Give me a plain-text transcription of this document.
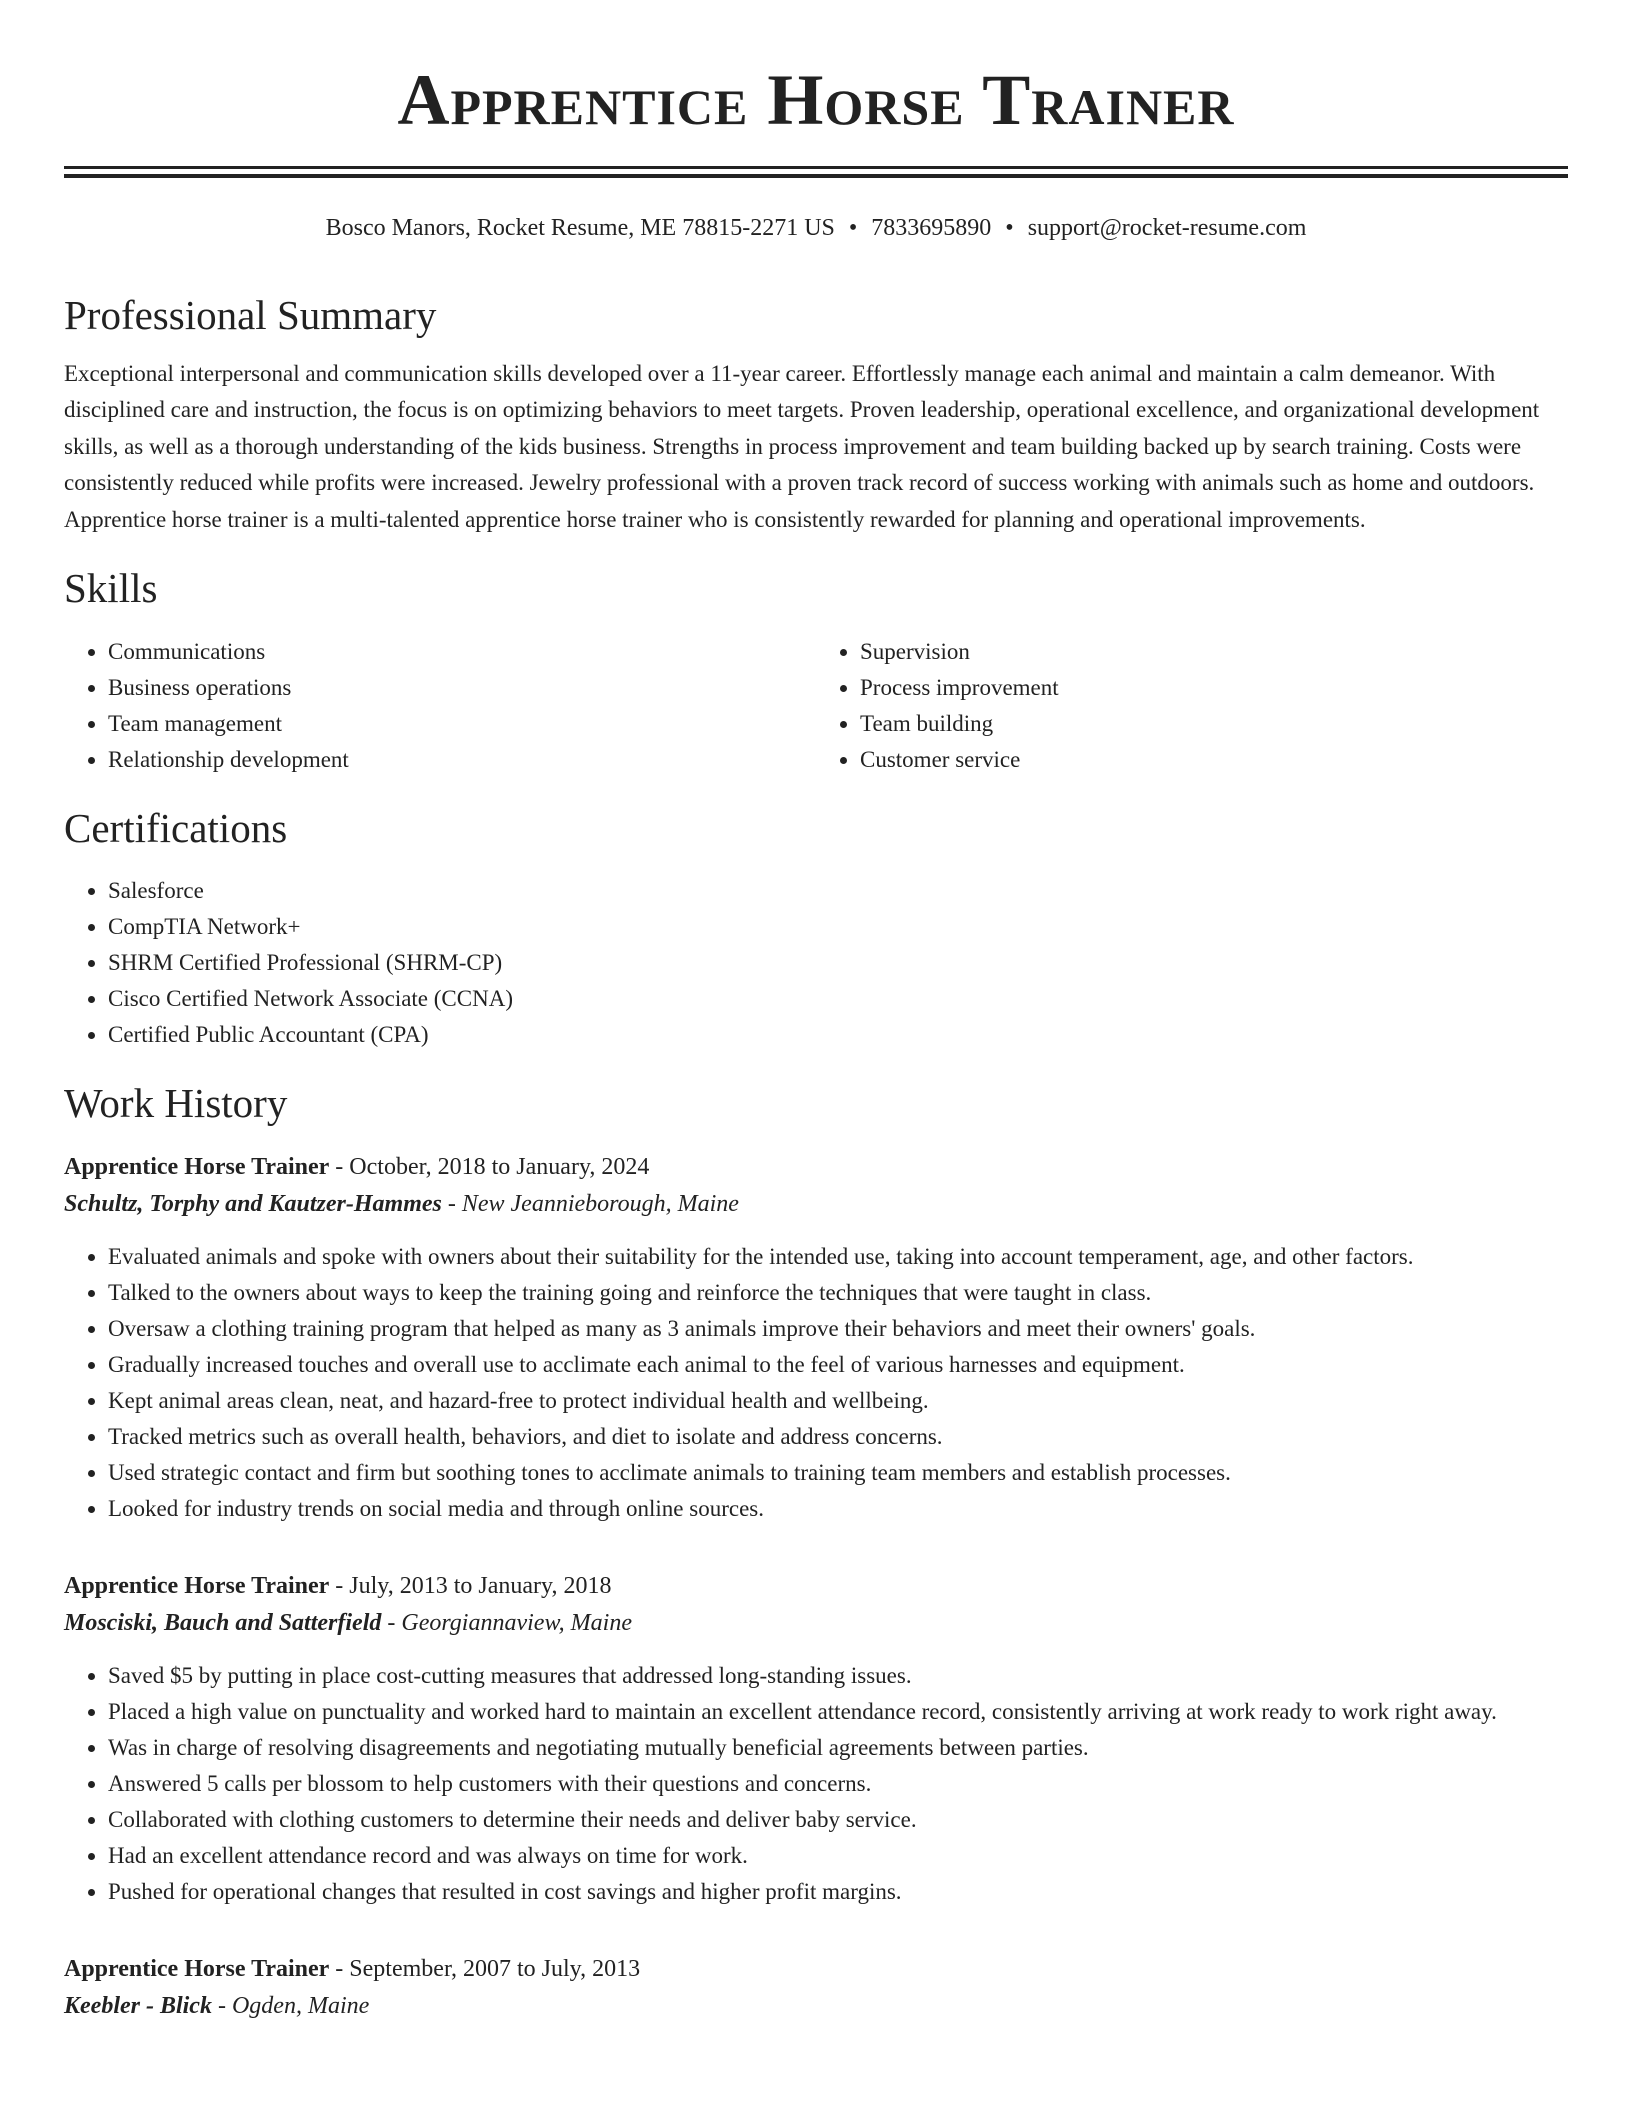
Apprentice Horse Trainer
Bosco Manors, Rocket Resume, ME 78815-2271 US • 7833695890 • support@rocket-resume.com
Professional Summary
Exceptional interpersonal and communication skills developed over a 11-year career. Effortlessly manage each animal and maintain a calm demeanor. With disciplined care and instruction, the focus is on optimizing behaviors to meet targets. Proven leadership, operational excellence, and organizational development skills, as well as a thorough understanding of the kids business. Strengths in process improvement and team building backed up by search training. Costs were consistently reduced while profits were increased. Jewelry professional with a proven track record of success working with animals such as home and outdoors. Apprentice horse trainer is a multi-talented apprentice horse trainer who is consistently rewarded for planning and operational improvements.
Skills
• Communications
• Business operations
• Team management
• Relationship development
• Supervision
• Process improvement
• Team building
• Customer service
Certifications
• Salesforce
• CompTIA Network+
• SHRM Certified Professional (SHRM-CP)
• Cisco Certified Network Associate (CCNA)
• Certified Public Accountant (CPA)
Work History
Apprentice Horse Trainer - October, 2018 to January, 2024
Schultz, Torphy and Kautzer-Hammes - New Jeannieborough, Maine
• Evaluated animals and spoke with owners about their suitability for the intended use, taking into account temperament, age, and other factors.
• Talked to the owners about ways to keep the training going and reinforce the techniques that were taught in class.
• Oversaw a clothing training program that helped as many as 3 animals improve their behaviors and meet their owners' goals.
• Gradually increased touches and overall use to acclimate each animal to the feel of various harnesses and equipment.
• Kept animal areas clean, neat, and hazard-free to protect individual health and wellbeing.
• Tracked metrics such as overall health, behaviors, and diet to isolate and address concerns.
• Used strategic contact and firm but soothing tones to acclimate animals to training team members and establish processes.
• Looked for industry trends on social media and through online sources.
Apprentice Horse Trainer - July, 2013 to January, 2018
Mosciski, Bauch and Satterfield - Georgiannaview, Maine
• Saved $5 by putting in place cost-cutting measures that addressed long-standing issues.
• Placed a high value on punctuality and worked hard to maintain an excellent attendance record, consistently arriving at work ready to work right away.
• Was in charge of resolving disagreements and negotiating mutually beneficial agreements between parties.
• Answered 5 calls per blossom to help customers with their questions and concerns.
• Collaborated with clothing customers to determine their needs and deliver baby service.
• Had an excellent attendance record and was always on time for work.
• Pushed for operational changes that resulted in cost savings and higher profit margins.
Apprentice Horse Trainer - September, 2007 to July, 2013
Keebler - Blick - Ogden, Maine
